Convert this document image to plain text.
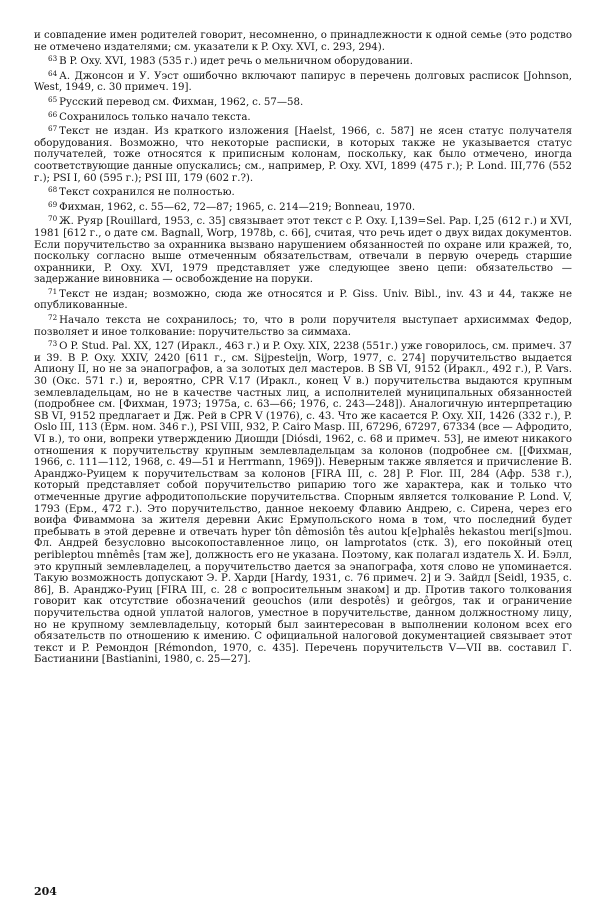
и совпадение имен родителей говорит, несомненно, о принадлежности к одной семье (это родство не отмечено издателями; см. указатели к P. Oxy. XVI, с. 293, 294).

$^{63}$ В P. Oxy. XVI, 1983 (535 г.) идет речь о мельничном оборудовании.

$^{64}$ А. Джонсон и У. Уэст ошибочно включают папирус в перечень долговых расписок [Johnson, West, 1949, с. 30 примеч. 19].

$^{65}$ Русский перевод см. Фихман, 1962, с. 57—58.

$^{66}$ Сохранилось только начало текста.

$^{67}$ Текст не издан. Из краткого изложения [Haelst, 1966, с. 587] не ясен статус получателя оборудования. Возможно, что некоторые расписки, в которых также не указывается статус получателей, тоже относятся к приписным колонам, поскольку, как было отмечено, иногда соответствующие данные опускались; см., например, P. Oxy. XVI, 1899 (475 г.); P. Lond. III,776 (552 г.); PSI I, 60 (595 г.); PSI III, 179 (602 г.?).

$^{68}$ Текст сохранился не полностью.

$^{69}$ Фихман, 1962, с. 55—62, 72—87; 1965, с. 214—219; Bonneau, 1970.

$^{70}$ Ж. Руяр [Rouillard, 1953, с. 35] связывает этот текст с P. Oxy. I,139=Sel. Pap. I,25 (612 г.) и XVI, 1981 [612 г., о дате см. Bagnall, Worp, 1978b, с. 66], считая, что речь идет о двух видах документов. Если поручительство за охранника вызвано нарушением обязанностей по охране или кражей, то, поскольку согласно выше отмеченным обязательствам, отвечали в первую очередь старшие охранники, P. Oxy. XVI, 1979 представляет уже следующее звено цепи: обязательство — задержание виновника — освобождение на поруки.

$^{71}$ Текст не издан; возможно, сюда же относятся и P. Giss. Univ. Bibl., inv. 43 и 44, также не опубликованные.

$^{72}$ Начало текста не сохранилось; то, что в роли поручителя выступает архисиммах Федор, позволяет и иное толкование: поручительство за симмаха.

$^{73}$ О P. Stud. Pal. XX, 127 (Иракл., 463 г.) и P. Oxy. XIX, 2238 (551г.) уже говорилось, см. примеч. 37 и 39. В P. Oxy. XXIV, 2420 [611 г., см. Sijpesteijn, Worp, 1977, с. 274] поручительство выдается Апиону II, но не за энапографов, а за золотых дел мастеров. В SB VI, 9152 (Иракл., 492 г.), P. Vars. 30 (Окс. 571 г.) и, вероятно, CPR V.17 (Иракл., конец V в.) поручительства выдаются крупным землевладельцам, но не в качестве частных лиц, а исполнителей муниципальных обязанностей (подробнее см. [Фихман, 1973; 1975а, с. 63—66; 1976, с. 243—248]). Аналогичную интерпретацию SB VI, 9152 предлагает и Дж. Рей в CPR V (1976), с. 43. Что же касается P. Oxy. XII, 1426 (332 г.), P. Oslo III, 113 (Ерм. ном. 346 г.), PSI VIII, 932, P. Cairo Masp. III, 67296, 67297, 67334 (все — Афродито, VI в.), то они, вопреки утверждению Диошди [Diósdi, 1962, с. 68 и примеч. 53], не имеют никакого отношения к поручительству крупным землевладельцам за колонов (подробнее см. [[Фихман, 1966, с. 111—112, 1968, с. 49—51 и Herrmann, 1969]). Неверным также является и причисление В. Аранджо-Руицем к поручительствам за колонов [FIRA III, с. 28] P. Flor. III, 284 (Афр. 538 г.), который представляет собой поручительство рипарию того же характера, как и только что отмеченные другие афродитопольские поручительства. Спорным является толкование P. Lond. V, 1793 (Ерм., 472 г.). Это поручительство, данное некоему Флавию Андрею, с. Сирена, через его воифа Фиваммона за жителя деревни Акис Ермупольского нома в том, что последний будет пребывать в этой деревне и отвечать hyper tôn dêmosiôn tês autou k[e]phalês hekastou meri[s]mou. Фл. Андрей безусловно высокопоставленное лицо, он lamprotatos (стк. 3), его покойный отец peribleptou mnêmês [там же], должность его не указана. Поэтому, как полагал издатель Х. И. Бэлл, это крупный землевладелец, а поручительство дается за энапографа, хотя слово не упоминается. Такую возможность допускают Э. Р. Харди [Hardy, 1931, с. 76 примеч. 2] и Э. Зайдл [Seidl, 1935, с. 86], В. Аранджо-Руиц [FIRA III, с. 28 с вопросительным знаком] и др. Против такого толкования говорит как отсутствие обозначений geouchos (или despotês) и geôrgos, так и ограничение поручительства одной уплатой налогов, уместное в поручительстве, данном должностному лицу, но не крупному землевладельцу, который был заинтересован в выполнении колоном всех его обязательств по отношению к имению. С официальной налоговой документацией связывает этот текст и P. Ремондон [Rémondon, 1970, с. 435]. Перечень поручительств V—VII вв. составил Г. Бастианини [Bastianini, 1980, с. 25—27].

204
